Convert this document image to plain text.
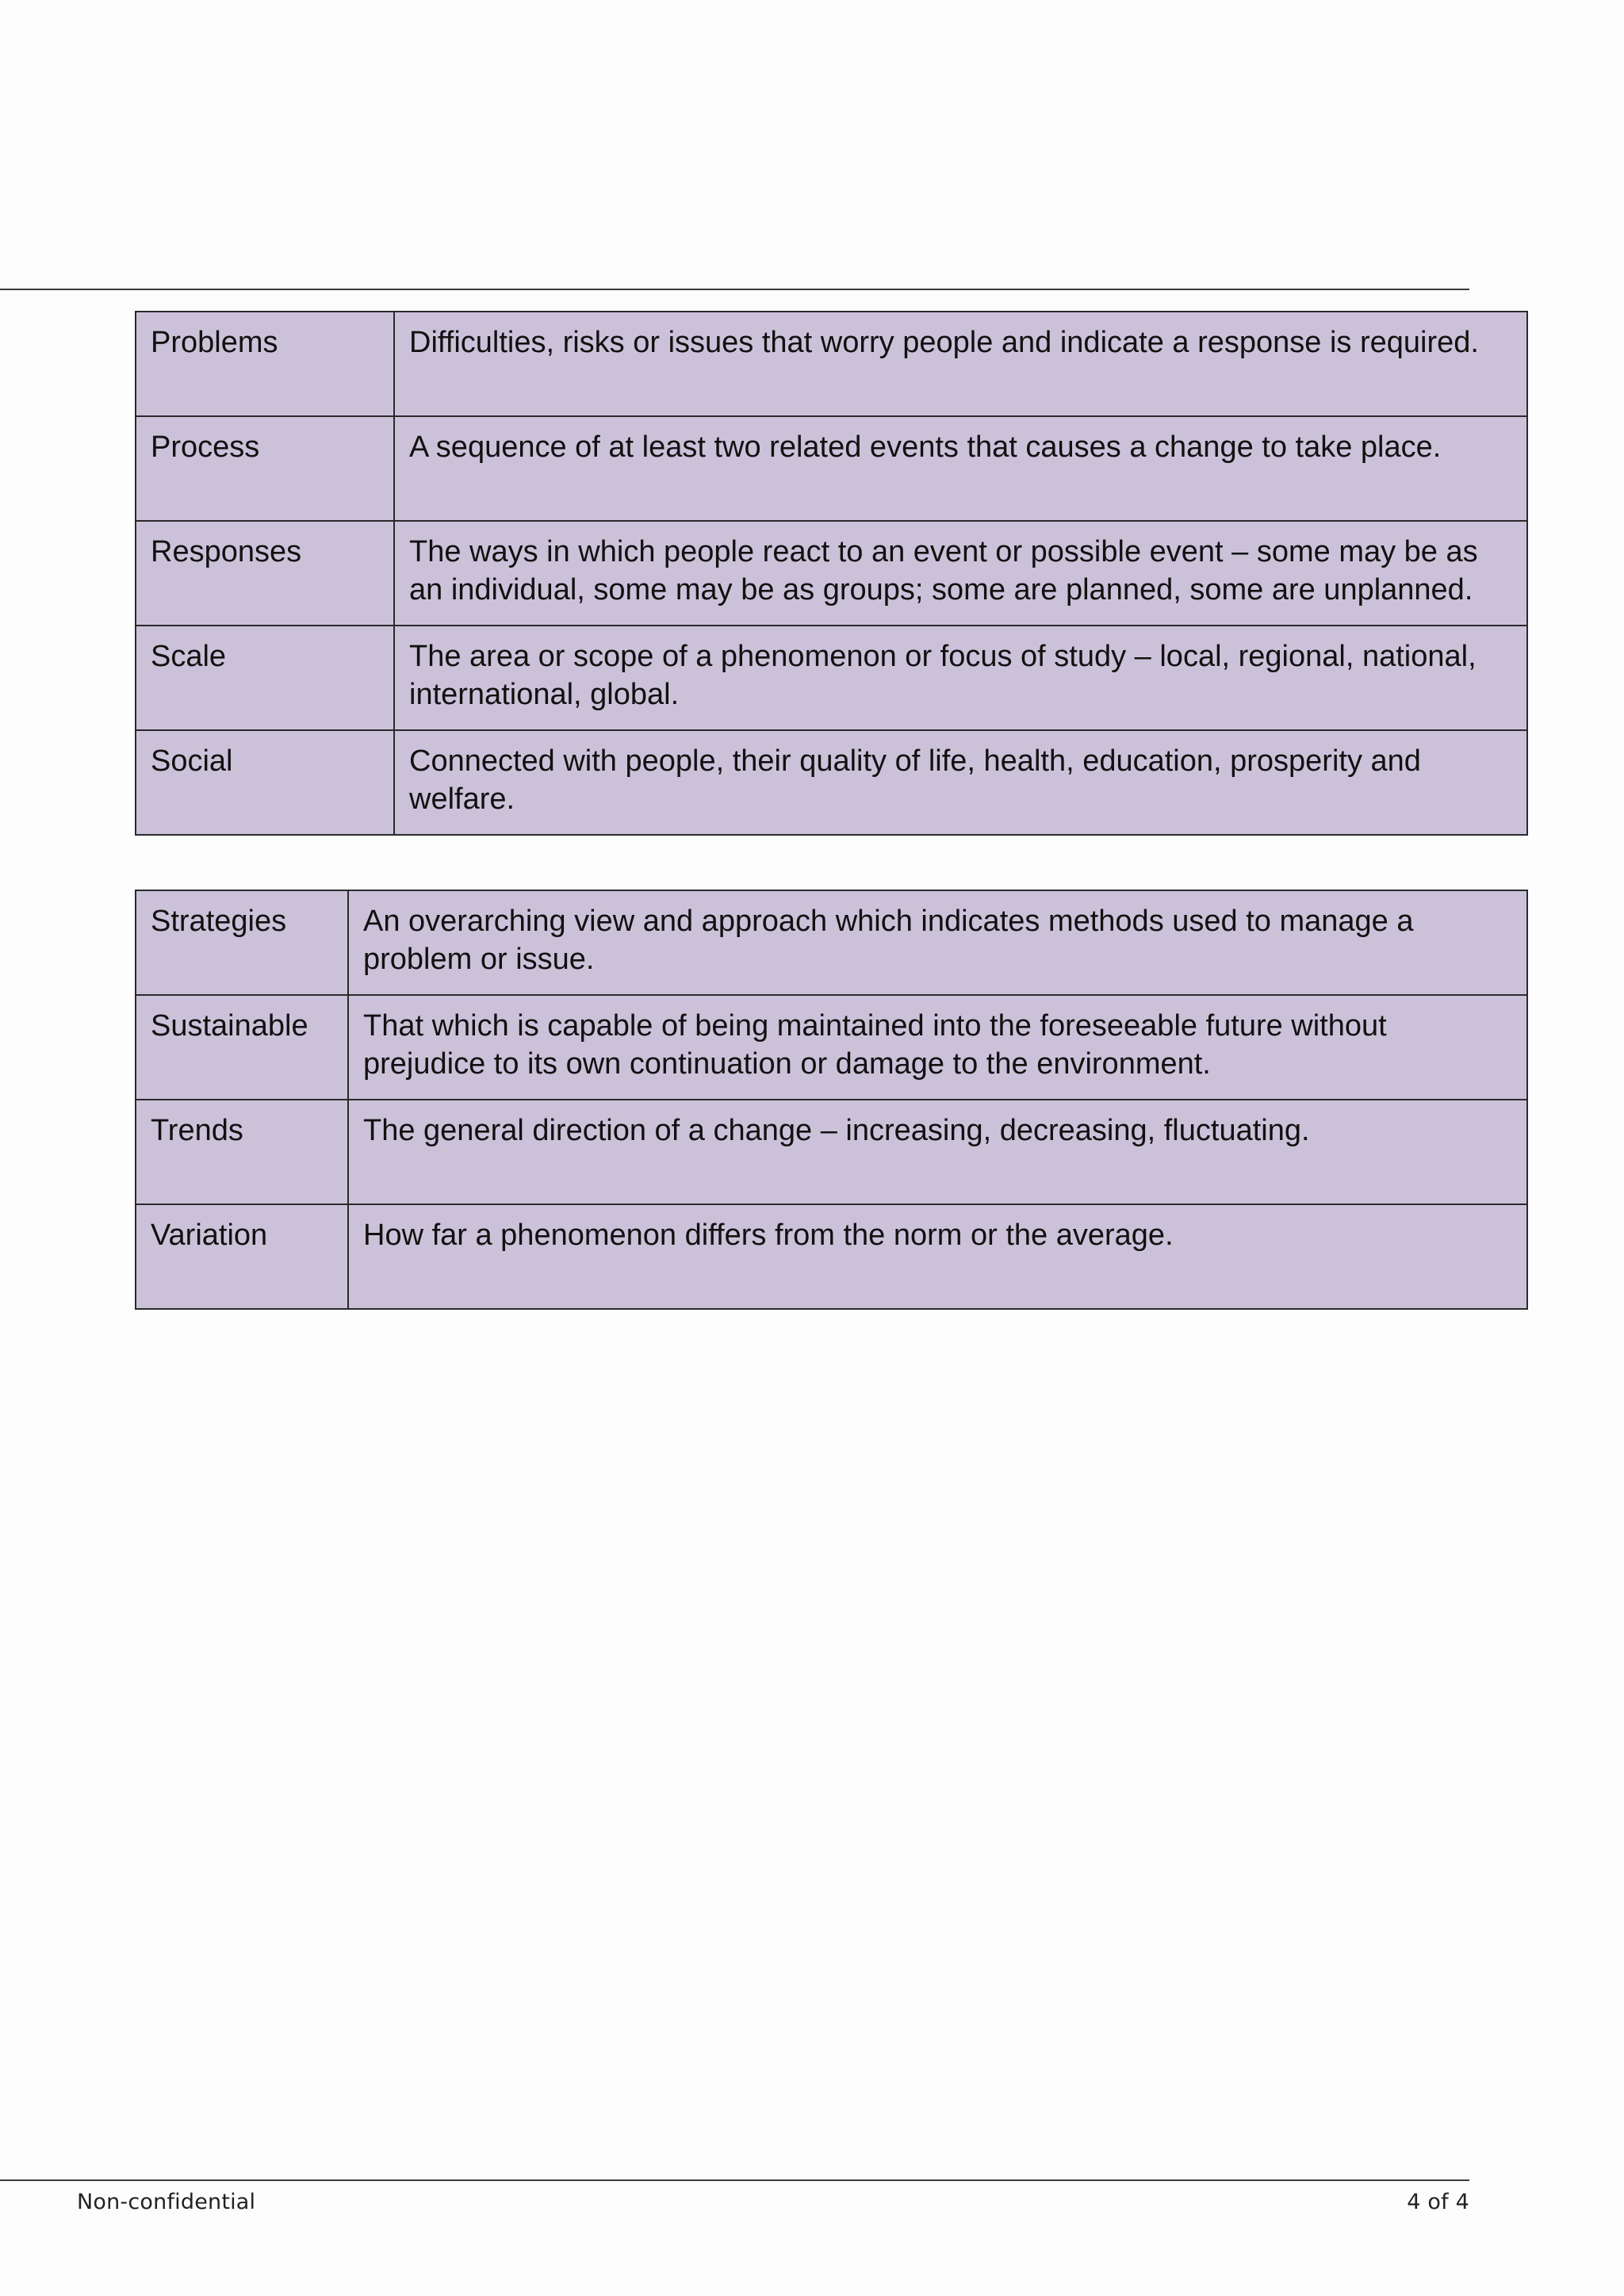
Problems	Difficulties, risks or issues that worry people and indicate a response is required.
Process	A sequence of at least two related events that causes a change to take place.
Responses	The ways in which people react to an event or possible event – some may be as an individual, some may be as groups; some are planned, some are unplanned.
Scale	The area or scope of a phenomenon or focus of study – local, regional, national, international, global.
Social	Connected with people, their quality of life, health, education, prosperity and welfare.
Strategies	An overarching view and approach which indicates methods used to manage a problem or issue.
Sustainable	That which is capable of being maintained into the foreseeable future without prejudice to its own continuation or damage to the environment.
Trends	The general direction of a change – increasing, decreasing, fluctuating.
Variation	How far a phenomenon differs from the norm or the average.
Non-confidential	4 of 4
